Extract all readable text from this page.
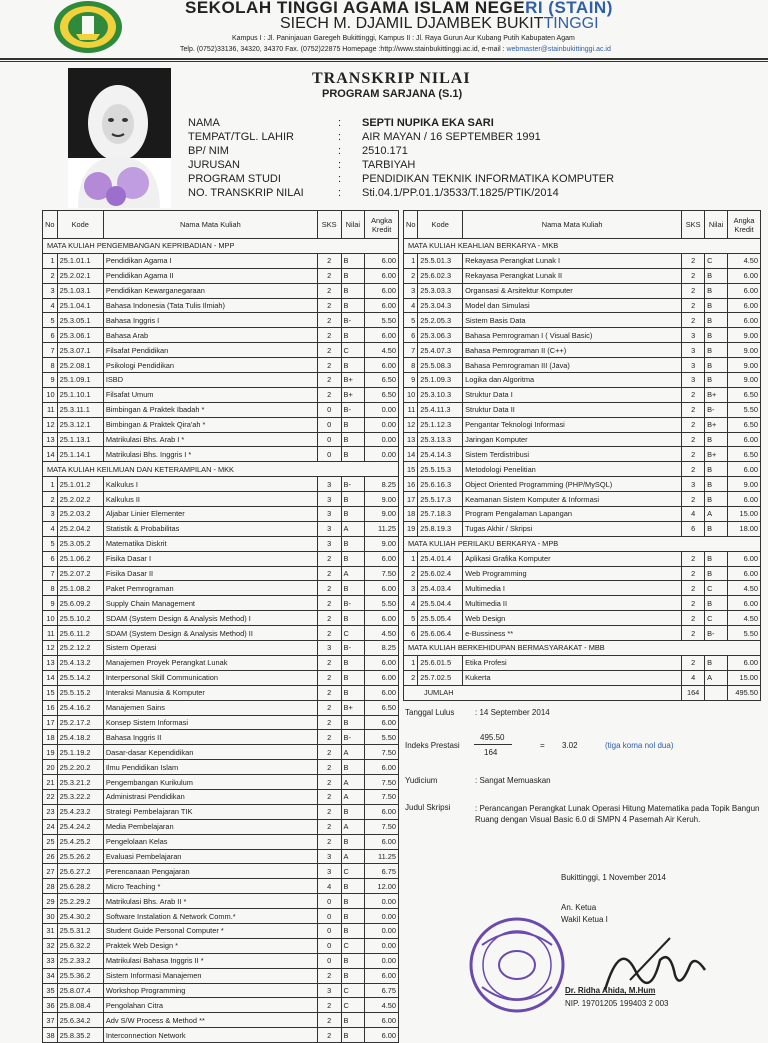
SEKOLAH TINGGI AGAMA ISLAM NEGERI (STAIN)
SIECH M. DJAMIL DJAMBEK BUKITTINGGI
Kampus I : Jl. Paninjauan Garegeh Bukittinggi, Kampus II : Jl. Raya Gurun Aur Kubang Putih Kabupaten Agam
Telp. (0752)33136, 34320, 34370 Fax. (0752)22875 Homepage :http://www.stainbukittinggi.ac.id, e-mail : webmaster@stainbukittinggi.ac.id
TRANSKRIP NILAI
PROGRAM SARJANA (S.1)
NAMA	:	SEPTI NUPIKA EKA SARI
TEMPAT/TGL. LAHIR	:	AIR MAYAN / 16 SEPTEMBER 1991
BP/ NIM	:	2510.171
JURUSAN	:	TARBIYAH
PROGRAM STUDI	:	PENDIDIKAN TEKNIK INFORMATIKA KOMPUTER
NO. TRANSKRIP NILAI	:	Sti.04.1/PP.01.1/3533/T.1825/PTIK/2014
No	Kode	Nama Mata Kuliah	SKS	Nilai	Angka Kredit
MATA KULIAH PENGEMBANGAN KEPRIBADIAN - MPP					
1	25.1.01.1	Pendidikan Agama I	2	B	6.00
2	25.2.02.1	Pendidikan Agama II	2	B	6.00
3	25.1.03.1	Pendidikan Kewarganegaraan	2	B	6.00
4	25.1.04.1	Bahasa Indonesia (Tata Tulis Ilmiah)	2	B	6.00
5	25.3.05.1	Bahasa Inggris I	2	B-	5.50
6	25.3.06.1	Bahasa Arab	2	B	6.00
7	25.3.07.1	Filsafat Pendidikan	2	C	4.50
8	25.2.08.1	Psikologi Pendidikan	2	B	6.00
9	25.1.09.1	ISBD	2	B+	6.50
10	25.1.10.1	Filsafat Umum	2	B+	6.50
11	25.3.11.1	Bimbingan & Praktek Ibadah *	0	B-	0.00
12	25.3.12.1	Bimbingan & Praktek Qira'ah *	0	B	0.00
13	25.1.13.1	Matrikulasi Bhs. Arab I *	0	B	0.00
14	25.1.14.1	Matrikulasi Bhs. Inggris I *	0	B	0.00
MATA KULIAH KEILMUAN DAN KETERAMPILAN - MKK					
1	25.1.01.2	Kalkulus I	3	B-	8.25
2	25.2.02.2	Kalkulus II	3	B	9.00
3	25.2.03.2	Aljabar Linier Elementer	3	B	9.00
4	25.2.04.2	Statistik & Probabilitas	3	A	11.25
5	25.3.05.2	Matematika Diskrit	3	B	9.00
6	25.1.06.2	Fisika Dasar I	2	B	6.00
7	25.2.07.2	Fisika Dasar II	2	A	7.50
8	25.1.08.2	Paket Pemrograman	2	B	6.00
9	25.6.09.2	Supply Chain Management	2	B-	5.50
10	25.5.10.2	SDAM (System Design & Analysis Method) I	2	B	6.00
11	25.6.11.2	SDAM (System Design & Analysis Method) II	2	C	4.50
12	25.2.12.2	Sistem Operasi	3	B-	8.25
13	25.4.13.2	Manajemen Proyek Perangkat Lunak	2	B	6.00
14	25.5.14.2	Interpersonal Skill Communication	2	B	6.00
15	25.5.15.2	Interaksi Manusia & Komputer	2	B	6.00
16	25.4.16.2	Manajemen Sains	2	B+	6.50
17	25.2.17.2	Konsep Sistem Informasi	2	B	6.00
18	25.4.18.2	Bahasa Inggris II	2	B-	5.50
19	25.1.19.2	Dasar-dasar Kependidikan	2	A	7.50
20	25.2.20.2	Ilmu Pendidikan Islam	2	B	6.00
21	25.3.21.2	Pengembangan Kurikulum	2	A	7.50
22	25.3.22.2	Administrasi Pendidikan	2	A	7.50
23	25.4.23.2	Strategi Pembelajaran TIK	2	B	6.00
24	25.4.24.2	Media Pembelajaran	2	A	7.50
25	25.4.25.2	Pengelolaan Kelas	2	B	6.00
26	25.5.26.2	Evaluasi Pembelajaran	3	A	11.25
27	25.6.27.2	Perencanaan Pengajaran	3	C	6.75
28	25.6.28.2	Micro Teaching *	4	B	12.00
29	25.2.29.2	Matrikulasi Bhs. Arab II *	0	B	0.00
30	25.4.30.2	Software Instalation & Network Comm.*	0	B	0.00
31	25.5.31.2	Student Guide Personal Computer *	0	B	0.00
32	25.6.32.2	Praktek Web Design *	0	C	0.00
33	25.2.33.2	Matrikulasi Bahasa Inggris II *	0	B	0.00
34	25.5.36.2	Sistem Informasi Manajemen	2	B	6.00
35	25.8.07.4	Workshop Programming	3	C	6.75
36	25.8.08.4	Pengolahan Citra	2	C	4.50
37	25.6.34.2	Adv S/W Process & Method **	2	B	6.00
38	25.8.35.2	Interconnection Network	2	B	6.00
No	Kode	Nama Mata Kuliah	SKS	Nilai	Angka Kredit
MATA KULIAH KEAHLIAN BERKARYA - MKB					
1	25.5.01.3	Rekayasa Perangkat Lunak I	2	C	4.50
2	25.6.02.3	Rekayasa Perangkat Lunak II	2	B	6.00
3	25.3.03.3	Organsasi & Arsitektur Komputer	2	B	6.00
4	25.3.04.3	Model dan Simulasi	2	B	6.00
5	25.2.05.3	Sistem Basis Data	2	B	6.00
6	25.3.06.3	Bahasa Pemrograman I ( Visual Basic)	3	B	9.00
7	25.4.07.3	Bahasa Pemrograman II (C++)	3	B	9.00
8	25.5.08.3	Bahasa Pemrograman III (Java)	3	B	9.00
9	25.1.09.3	Logika dan Algoritma	3	B	9.00
10	25.3.10.3	Struktur Data I	2	B+	6.50
11	25.4.11.3	Struktur Data II	2	B-	5.50
12	25.1.12.3	Pengantar Teknologi Informasi	2	B+	6.50
13	25.3.13.3	Jaringan Komputer	2	B	6.00
14	25.4.14.3	Sistem Terdistribusi	2	B+	6.50
15	25.5.15.3	Metodologi Penelitian	2	B	6.00
16	25.6.16.3	Object Oriented Programming (PHP/MySQL)	3	B	9.00
17	25.5.17.3	Keamanan Sistem Komputer & Informasi	2	B	6.00
18	25.7.18.3	Program Pengalaman Lapangan	4	A	15.00
19	25.8.19.3	Tugas Akhir / Skripsi	6	B	18.00
MATA KULIAH PERILAKU BERKARYA - MPB					
1	25.4.01.4	Aplikasi Grafika Komputer	2	B	6.00
2	25.6.02.4	Web Programming	2	B	6.00
3	25.4.03.4	Multimedia I	2	C	4.50
4	25.5.04.4	Multimedia II	2	B	6.00
5	25.5.05.4	Web Design	2	C	4.50
6	25.6.06.4	e-Bussiness **	2	B-	5.50
MATA KULIAH BERKEHIDUPAN BERMASYARAKAT - MBB					
1	25.6.01.5	Etika Profesi	2	B	6.00
2	25.7.02.5	Kukerta	4	A	15.00
JUMLAH			164		495.50
Tanggal Lulus	: 14 September 2014
Indeks Prestasi
495.50
164
= 3.02	(tiga koma nol dua)
Yudicium	: Sangat Memuaskan
Judul Skripsi	: Perancangan Perangkat Lunak Operasi Hitung Matematika pada Topik Bangun Ruang dengan Visual Basic 6.0 di SMPN 4 Pasemah Air Keruh.
Bukittinggi, 1 November 2014
An. Ketua
Wakil Ketua I
Dr. Ridha Ahida, M.Hum
NIP. 19701205 199403 2 003
